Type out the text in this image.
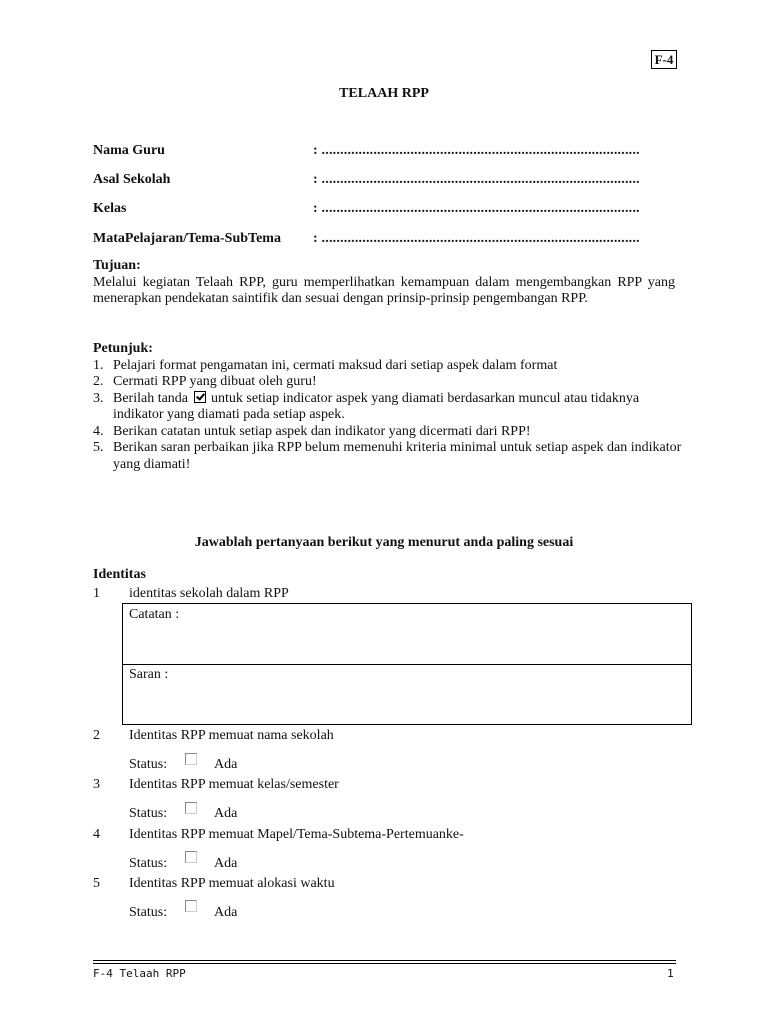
F-4
TELAAH RPP
Nama Guru	: ......................................................................................
Asal Sekolah	: ......................................................................................
Kelas	: ......................................................................................
MataPelajaran/Tema-SubTema : ......................................................................................
Tujuan:
Melalui kegiatan Telaah RPP, guru memperlihatkan kemampuan dalam mengembangkan RPP yang menerapkan pendekatan saintifik dan sesuai dengan prinsip-prinsip pengembangan RPP.
Petunjuk:
1. Pelajari format pengamatan ini, cermati maksud dari setiap aspek dalam format
2. Cermati RPP yang dibuat oleh guru!
3. Berilah tanda untuk setiap indicator aspek yang diamati berdasarkan muncul atau tidaknya indikator yang diamati pada setiap aspek.
4. Berikan catatan untuk setiap aspek dan indikator yang dicermati dari RPP!
5. Berikan saran perbaikan jika RPP belum memenuhi kriteria minimal untuk setiap aspek dan indikator yang diamati!
Jawablah pertanyaan berikut yang menurut anda paling sesuai
Identitas
1 identitas sekolah dalam RPP
Catatan :
Saran :
2 Identitas RPP memuat nama sekolah
Status:	Ada
3 Identitas RPP memuat kelas/semester
Status:	Ada
4 Identitas RPP memuat Mapel/Tema-Subtema-Pertemuanke-
Status:	Ada
5 Identitas RPP memuat alokasi waktu
Status:	Ada
F-4 Telaah RPP	1
